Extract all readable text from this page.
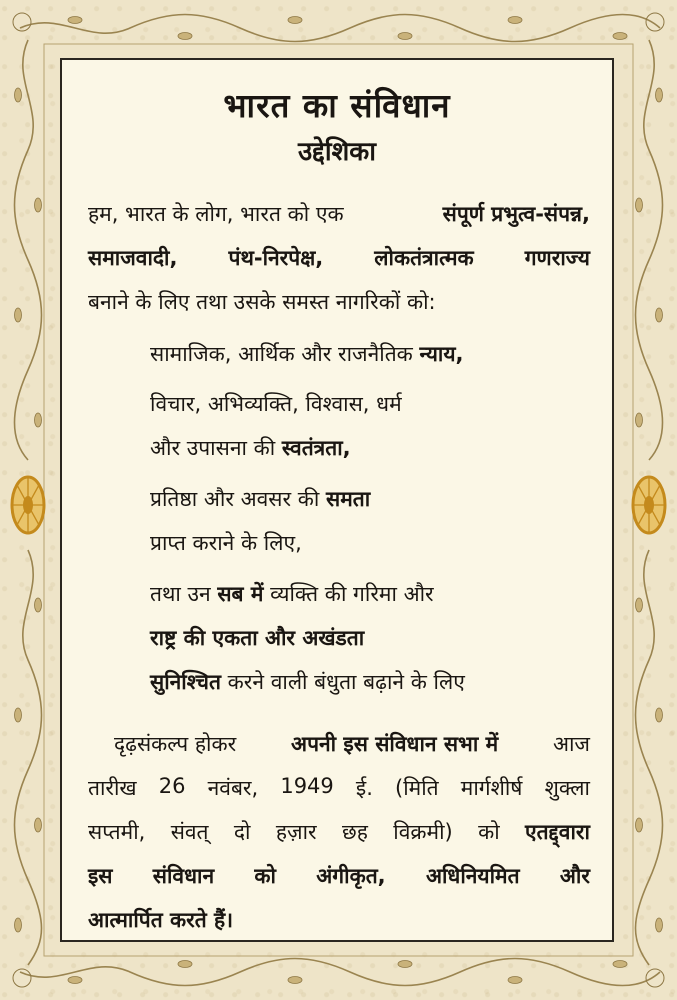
भारत का संविधान
उद्देशिका
हम, भारत के लोग, भारत को एक	संपूर्ण प्रभुत्व-संपन्न,
समाजवादी, पंथ-निरपेक्ष, लोकतंत्रात्मक गणराज्य
बनाने के लिए तथा उसके समस्त नागरिकों को:
सामाजिक, आर्थिक और राजनैतिक न्याय,
विचार, अभिव्यक्ति, विश्वास, धर्म
और उपासना की स्वतंत्रता,
प्रतिष्ठा और अवसर की समता
प्राप्त कराने के लिए,
तथा उन सब में व्यक्ति की गरिमा और
राष्ट्र की एकता और अखंडता
सुनिश्चित करने वाली बंधुता बढ़ाने के लिए
दृढ़संकल्प होकर	अपनी इस संविधान सभा में	आज
तारीख 26 नवंबर, 1949 ई. (मिति मार्गशीर्ष शुक्ला
सप्तमी, संवत् दो हज़ार छह विक्रमी) को एतद्द्वारा
इस संविधान को अंगीकृत, अधिनियमित और
आत्मार्पित करते हैं।
